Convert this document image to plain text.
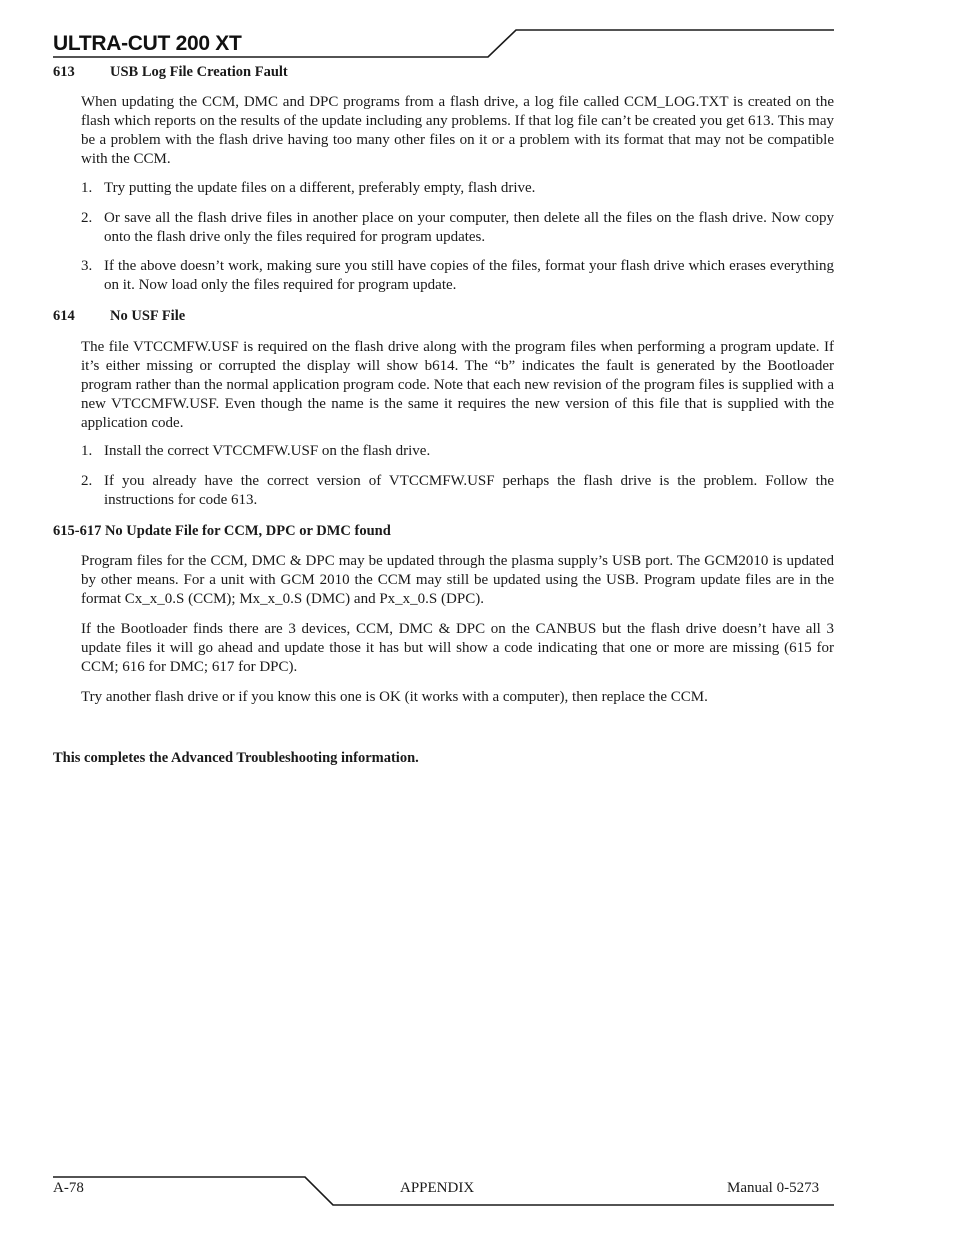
ULTRA-CUT 200 XT
613 USB Log File Creation Fault

When updating the CCM, DMC and DPC programs from a flash drive, a log file called CCM_LOG.TXT is created on the flash which reports on the results of the update including any problems. If that log file can’t be created you get 613. This may be a problem with the flash drive having too many other files on it or a problem with its format that may not be compatible with the CCM.

1. Try putting the update files on a different, preferably empty, flash drive.
2. Or save all the flash drive files in another place on your computer, then delete all the files on the flash drive. Now copy onto the flash drive only the files required for program updates.
3. If the above doesn’t work, making sure you still have copies of the files, format your flash drive which erases everything on it. Now load only the files required for program update.
614 No USF File

The file VTCCMFW.USF is required on the flash drive along with the program files when performing a program update. If it’s either missing or corrupted the display will show b614. The “b” indicates the fault is generated by the Bootloader program rather than the normal application program code. Note that each new revision of the program files is supplied with a new VTCCMFW.USF. Even though the name is the same it requires the new version of this file that is supplied with the application code.

1. Install the correct VTCCMFW.USF on the flash drive.
2. If you already have the correct version of VTCCMFW.USF perhaps the flash drive is the problem. Follow the instructions for code 613.
615-617 No Update File for CCM, DPC or DMC found

Program files for the CCM, DMC & DPC may be updated through the plasma supply’s USB port. The GCM2010 is updated by other means. For a unit with GCM 2010 the CCM may still be updated using the USB. Program update files are in the format Cx_x_0.S (CCM); Mx_x_0.S (DMC) and Px_x_0.S (DPC).

If the Bootloader finds there are 3 devices, CCM, DMC & DPC on the CANBUS but the flash drive doesn’t have all 3 update files it will go ahead and update those it has but will show a code indicating that one or more are missing (615 for CCM; 616 for DMC; 617 for DPC).

Try another flash drive or if you know this one is OK (it works with a computer), then replace the CCM.

This completes the Advanced Troubleshooting information.
A-78	APPENDIX	Manual 0-5273
